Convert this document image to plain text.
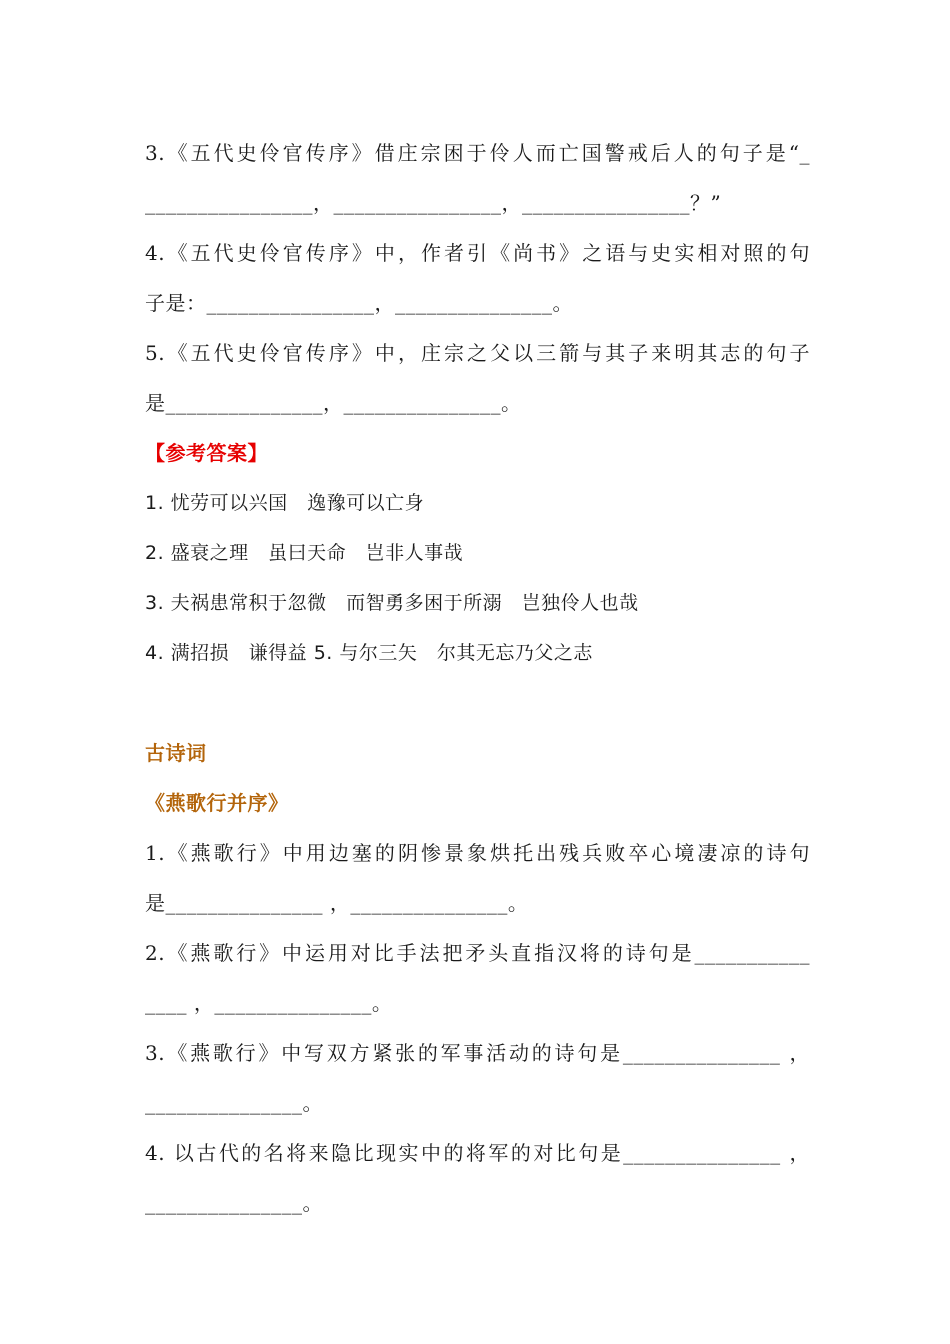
3.《五代史伶官传序》借庄宗困于伶人而亡国警戒后人的句子是“_
________________，________________，________________？”
4.《五代史伶官传序》中，作者引《尚书》之语与史实相对照的句
子是：________________，_______________。
5.《五代史伶官传序》中，庄宗之父以三箭与其子来明其志的句子
是_______________，_______________。
【参考答案】
1. 忧劳可以兴国　逸豫可以亡身
2. 盛衰之理　虽曰天命　岂非人事哉
3. 夫祸患常积于忽微　而智勇多困于所溺　岂独伶人也哉
4. 满招损　谦得益 5. 与尔三矢　尔其无忘乃父之志
古诗词
《燕歌行并序》
1.《燕歌行》中用边塞的阴惨景象烘托出残兵败卒心境凄凉的诗句
是_______________ ，_______________。
2.《燕歌行》中运用对比手法把矛头直指汉将的诗句是___________
____ ，_______________。
3.《燕歌行》中写双方紧张的军事活动的诗句是_______________ ，
_______________。
4. 以古代的名将来隐比现实中的将军的对比句是_______________ ，
_______________。
